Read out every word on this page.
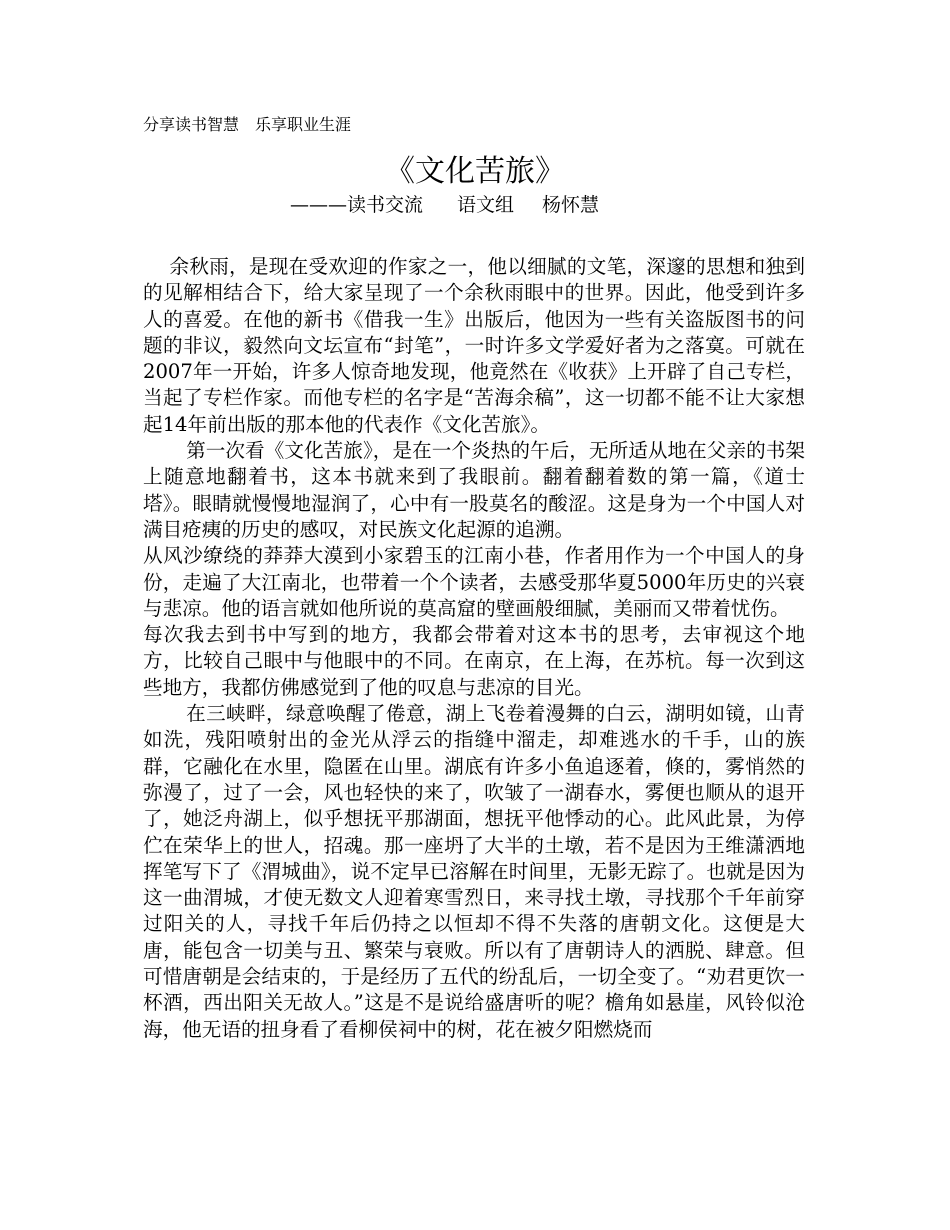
分享读书智慧 乐享职业生涯
《文化苦旅》
———读书交流 语文组 杨怀慧

余秋雨，是现在受欢迎的作家之一，他以细腻的文笔，深邃的思想和独到的见解相结合下，给大家呈现了一个余秋雨眼中的世界。因此，他受到许多人的喜爱。在他的新书《借我一生》出版后，他因为一些有关盗版图书的问题的非议，毅然向文坛宣布“封笔”，一时许多文学爱好者为之落寞。可就在2007年一开始，许多人惊奇地发现，他竟然在《收获》上开辟了自己专栏，当起了专栏作家。而他专栏的名字是“苦海余稿”，这一切都不能不让大家想起14年前出版的那本他的代表作《文化苦旅》。

第一次看《文化苦旅》，是在一个炎热的午后，无所适从地在父亲的书架上随意地翻着书，这本书就来到了我眼前。翻着翻着数的第一篇，《道士塔》。眼睛就慢慢地湿润了，心中有一股莫名的酸涩。这是身为一个中国人对满目疮痍的历史的感叹，对民族文化起源的追溯。

从风沙缭绕的莽莽大漠到小家碧玉的江南小巷，作者用作为一个中国人的身份，走遍了大江南北，也带着一个个读者，去感受那华夏5000年历史的兴衰与悲凉。他的语言就如他所说的莫高窟的壁画般细腻，美丽而又带着忧伤。

每次我去到书中写到的地方，我都会带着对这本书的思考，去审视这个地方，比较自己眼中与他眼中的不同。在南京，在上海，在苏杭。每一次到这些地方，我都仿佛感觉到了他的叹息与悲凉的目光。

在三峡畔，绿意唤醒了倦意，湖上飞卷着漫舞的白云，湖明如镜，山青如洗，残阳喷射出的金光从浮云的指缝中溜走，却难逃水的千手，山的族群，它融化在水里，隐匿在山里。湖底有许多小鱼追逐着，倏的，雾悄然的弥漫了，过了一会，风也轻快的来了，吹皱了一湖春水，雾便也顺从的退开了，她泛舟湖上，似乎想抚平那湖面，想抚平他悸动的心。此风此景，为停伫在荣华上的世人，招魂。那一座坍了大半的土墩，若不是因为王维潇洒地挥笔写下了《渭城曲》，说不定早已溶解在时间里，无影无踪了。也就是因为这一曲渭城，才使无数文人迎着寒雪烈日，来寻找土墩，寻找那个千年前穿过阳关的人，寻找千年后仍持之以恒却不得不失落的唐朝文化。这便是大唐，能包含一切美与丑、繁荣与衰败。所以有了唐朝诗人的洒脱、肆意。但可惜唐朝是会结束的，于是经历了五代的纷乱后，一切全变了。“劝君更饮一杯酒，西出阳关无故人。”这是不是说给盛唐听的呢？檐角如悬崖，风铃似沧海，他无语的扭身看了看柳侯祠中的树，花在被夕阳燃烧而
